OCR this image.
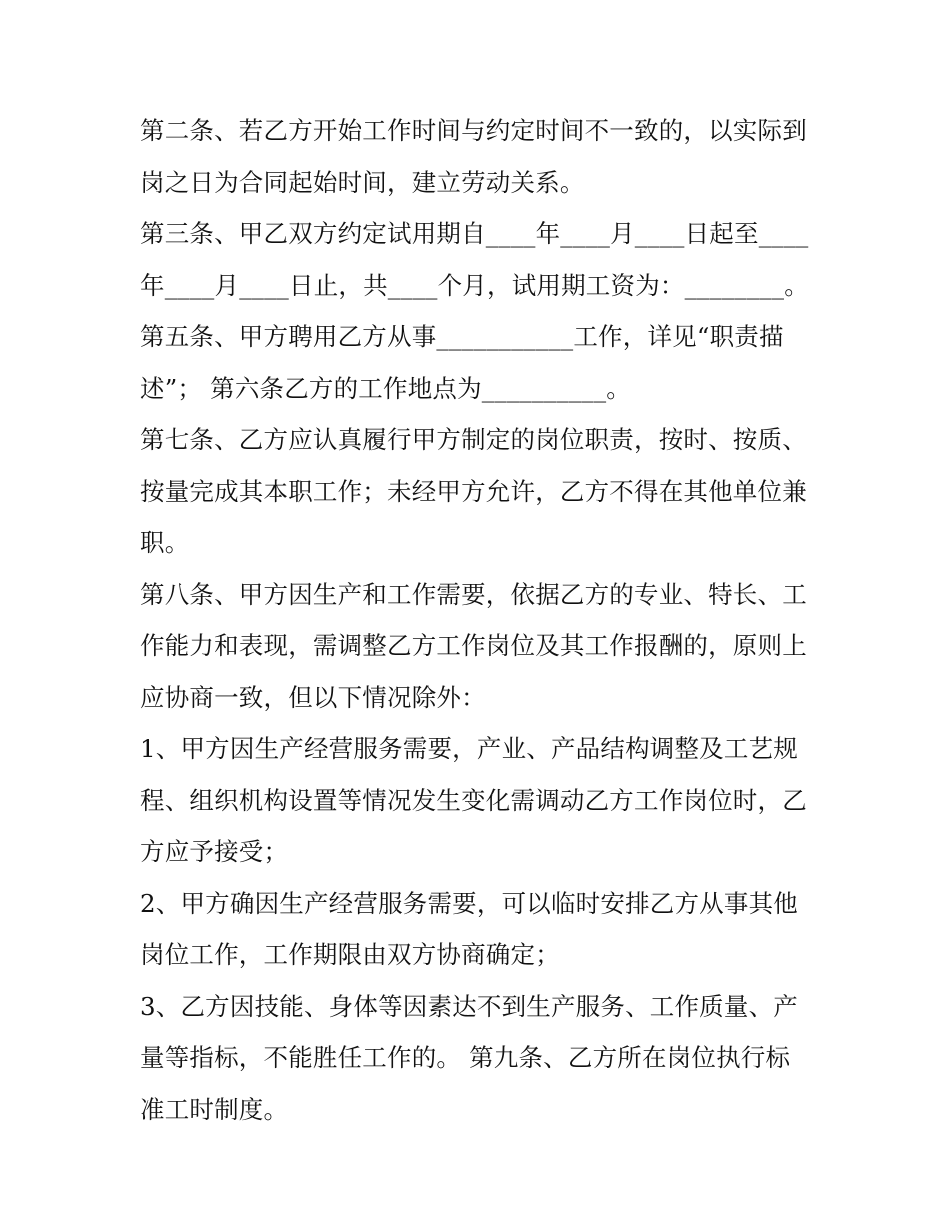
第二条、若乙方开始工作时间与约定时间不一致的，以实际到
岗之日为合同起始时间，建立劳动关系。
第三条、甲乙双方约定试用期自____年____月____日起至____
年____月____日止，共____个月，试用期工资为：________。
第五条、甲方聘用乙方从事___________工作，详见“职责描
述”； 第六条乙方的工作地点为__________。
第七条、乙方应认真履行甲方制定的岗位职责，按时、按质、
按量完成其本职工作；未经甲方允许，乙方不得在其他单位兼
职。
第八条、甲方因生产和工作需要，依据乙方的专业、特长、工
作能力和表现，需调整乙方工作岗位及其工作报酬的，原则上
应协商一致，但以下情况除外：
1、甲方因生产经营服务需要，产业、产品结构调整及工艺规
程、组织机构设置等情况发生变化需调动乙方工作岗位时，乙
方应予接受；
2、甲方确因生产经营服务需要，可以临时安排乙方从事其他
岗位工作，工作期限由双方协商确定；
3、乙方因技能、身体等因素达不到生产服务、工作质量、产
量等指标，不能胜任工作的。 第九条、乙方所在岗位执行标
准工时制度。
